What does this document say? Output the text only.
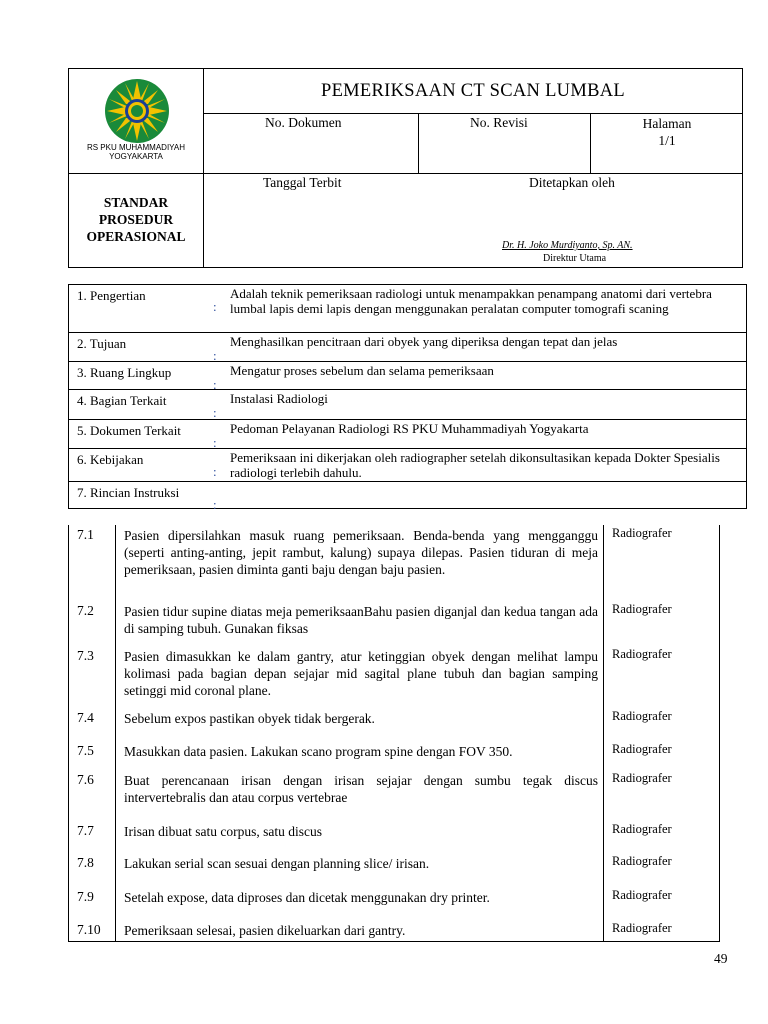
RS PKU MUHAMMADIYAH
YOGYAKARTA
PEMERIKSAAN CT SCAN LUMBAL
No. Dokumen	No. Revisi	Halaman
1/1
STANDAR
PROSEDUR
OPERASIONAL
Tanggal Terbit	Ditetapkan oleh
Dr. H. Joko Murdiyanto, Sp. AN.
Direktur Utama
1. Pengertian
:
Adalah teknik pemeriksaan radiologi untuk menampakkan penampang anatomi dari vertebra lumbal lapis demi lapis dengan menggunakan peralatan computer tomografi scaning
2. Tujuan
:
Menghasilkan pencitraan dari obyek yang diperiksa dengan tepat dan jelas
3. Ruang Lingkup
:
Mengatur proses sebelum dan selama pemeriksaan
4. Bagian Terkait
:
Instalasi Radiologi
5. Dokumen Terkait
:
Pedoman Pelayanan Radiologi RS PKU Muhammadiyah Yogyakarta
6. Kebijakan
:
Pemeriksaan ini dikerjakan oleh radiographer setelah dikonsultasikan kepada Dokter Spesialis radiologi terlebih dahulu.
7. Rincian Instruksi
:
7.1 Pasien dipersilahkan masuk ruang pemeriksaan. Benda-benda yang mengganggu (seperti anting-anting, jepit rambut, kalung) supaya dilepas. Pasien tiduran di meja pemeriksaan, pasien diminta ganti baju dengan baju pasien.
Radiografer
7.2 Pasien tidur supine diatas meja pemeriksaanBahu pasien diganjal dan kedua tangan ada di samping tubuh. Gunakan fiksas
Radiografer
7.3 Pasien dimasukkan ke dalam gantry, atur ketinggian obyek dengan melihat lampu kolimasi pada bagian depan sejajar mid sagital plane tubuh dan bagian samping setinggi mid coronal plane.
Radiografer
7.4 Sebelum expos pastikan obyek tidak bergerak.	Radiografer
7.5 Masukkan data pasien. Lakukan scano program spine dengan FOV 350.	Radiografer
7.6 Buat perencanaan irisan dengan irisan sejajar dengan sumbu tegak discus intervertebralis dan atau corpus vertebrae
Radiografer
7.7 Irisan dibuat satu corpus, satu discus	Radiografer
7.8 Lakukan serial scan sesuai dengan planning slice/ irisan.	Radiografer
7.9 Setelah expose, data diproses dan dicetak menggunakan dry printer.	Radiografer
7.10 Pemeriksaan selesai, pasien dikeluarkan dari gantry.	Radiografer
49
